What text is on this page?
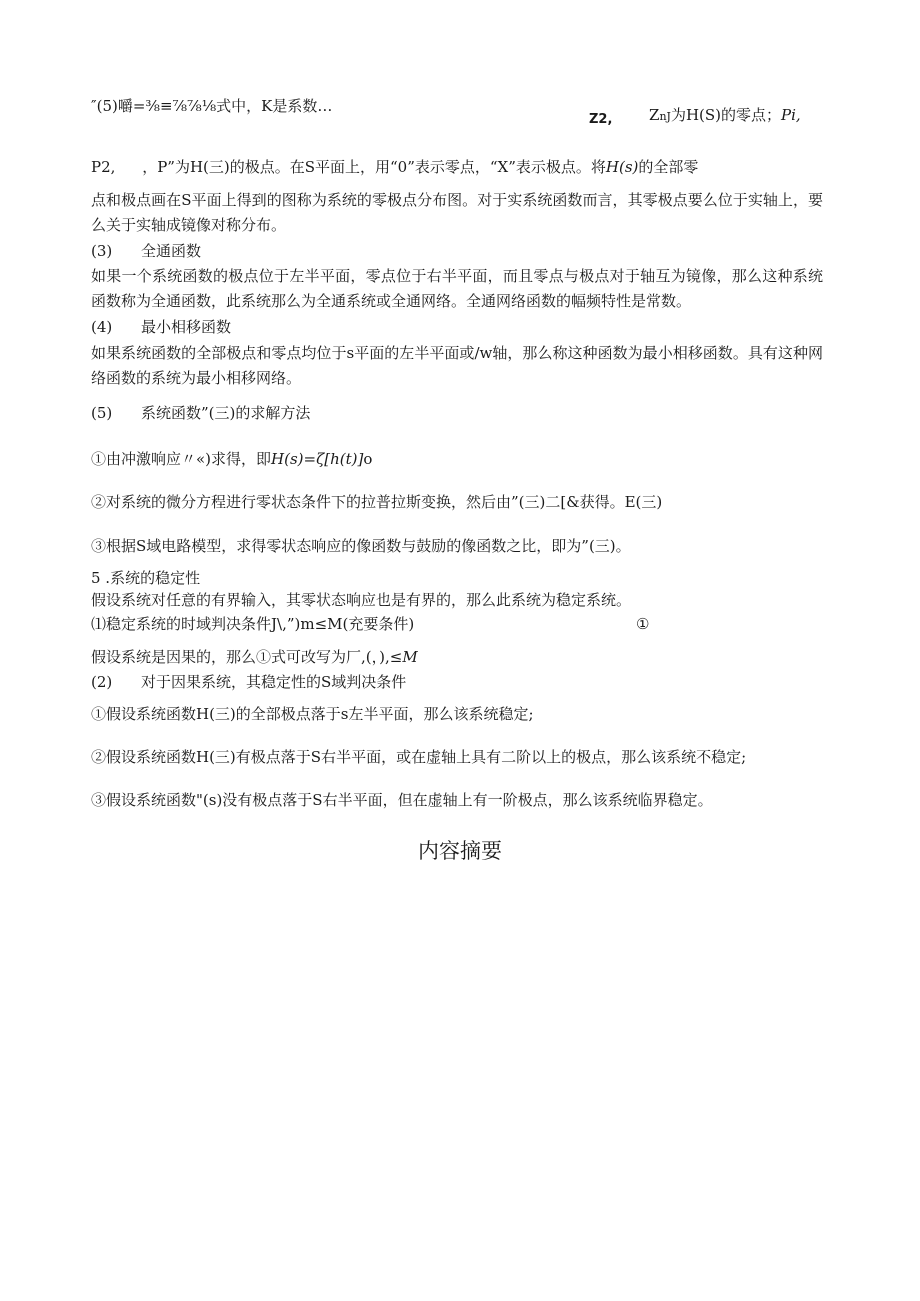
″(5)嚼=⅜≡⅞⅞⅛式中，K是系数…
Z2, ZnJ为H(S)的零点；Pi,
P2, ，P”为H(三)的极点。在S平面上，用“0”表示零点，“X”表示极点。将H(s)的全部零
点和极点画在S平面上得到的图称为系统的零极点分布图。对于实系统函数而言，其零极点要么位于实轴上，要么关于实轴成镜像对称分布。
(3) 全通函数
如果一个系统函数的极点位于左半平面，零点位于右半平面，而且零点与极点对于轴互为镜像，那么这种系统函数称为全通函数，此系统那么为全通系统或全通网络。全通网络函数的幅频特性是常数。
(4) 最小相移函数
如果系统函数的全部极点和零点均位于s平面的左半平面或/w轴，那么称这种函数为最小相移函数。具有这种网络函数的系统为最小相移网络。
(5) 系统函数”(三)的求解方法
①由冲激响应〃«)求得，即H(s)=ζ[h(t)]o
②对系统的微分方程进行零状态条件下的拉普拉斯变换，然后由”(三)二[&获得。E(三)
③根据S域电路模型，求得零状态响应的像函数与鼓励的像函数之比，即为”(三)。
5 .系统的稳定性
假设系统对任意的有界输入，其零状态响应也是有界的，那么此系统为稳定系统。
⑴稳定系统的时域判决条件J\,”)m≤M(充要条件)	①
假设系统是因果的，那么①式可改写为厂,(，),≤M
(2) 对于因果系统，其稳定性的S域判决条件
①假设系统函数H(三)的全部极点落于s左半平面，那么该系统稳定;
②假设系统函数H(三)有极点落于S右半平面，或在虚轴上具有二阶以上的极点，那么该系统不稳定;
③假设系统函数"(s)没有极点落于S右半平面，但在虚轴上有一阶极点，那么该系统临界稳定。
内容摘要
